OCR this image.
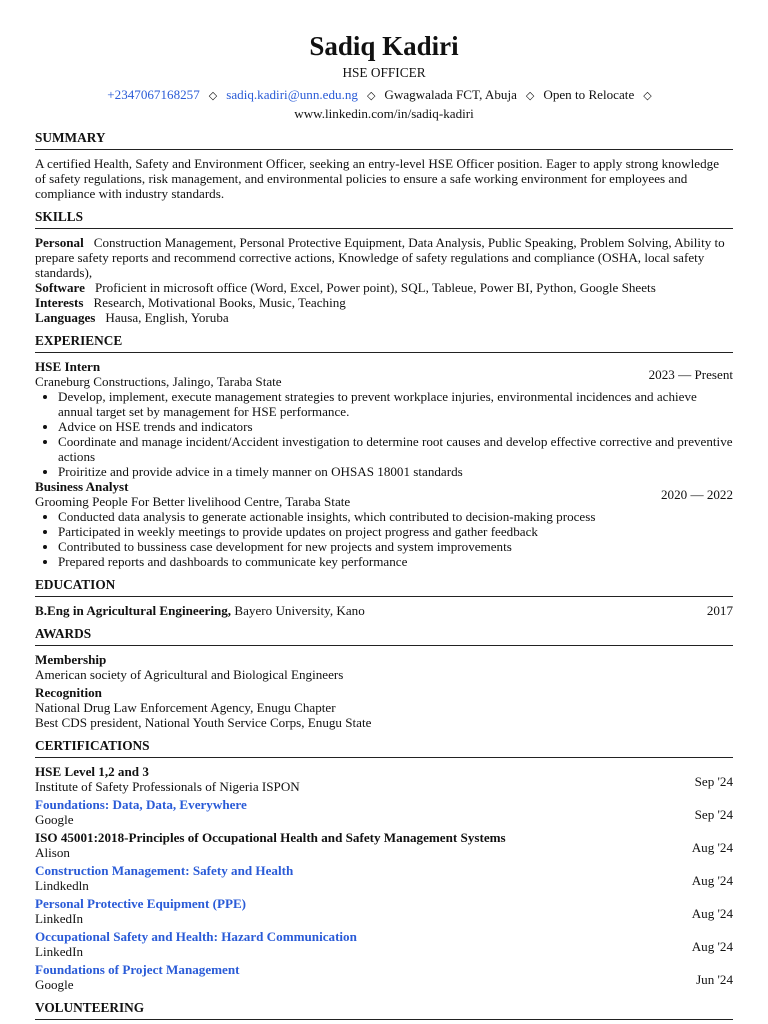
Sadiq Kadiri
HSE OFFICER
+2347067168257 ◇ sadiq.kadiri@unn.edu.ng ◇ Gwagwalada FCT, Abuja ◇ Open to Relocate ◇
www.linkedin.com/in/sadiq-kadiri
SUMMARY

A certified Health, Safety and Environment Officer, seeking an entry-level HSE Officer position. Eager to apply strong knowledge of safety regulations, risk management, and environmental policies to ensure a safe working environment for employees and compliance with industry standards.

SKILLS

Personal Construction Management, Personal Protective Equipment, Data Analysis, Public Speaking, Problem Solving, Ability to prepare safety reports and recommend corrective actions, Knowledge of safety regulations and compliance (OSHA, local safety standards),

Software Proficient in microsoft office (Word, Excel, Power point), SQL, Tableue, Power BI, Python, Google Sheets

Interests Research, Motivational Books, Music, Teaching

Languages Hausa, English, Yoruba

EXPERIENCE
HSE Intern
Craneburg Constructions, Jalingo, Taraba State	2023 — Present
• Develop, implement, execute management strategies to prevent workplace injuries, environmental incidences and achieve annual target set by management for HSE performance.
• Advice on HSE trends and indicators
• Coordinate and manage incident/Accident investigation to determine root causes and develop effective corrective and preventive actions
• Proiritize and provide advice in a timely manner on OHSAS 18001 standards
Business Analyst
Grooming People For Better livelihood Centre, Taraba State	2020 — 2022
• Conducted data analysis to generate actionable insights, which contributed to decision-making process
• Participated in weekly meetings to provide updates on project progress and gather feedback
• Contributed to bussiness case development for new projects and system improvements
• Prepared reports and dashboards to communicate key performance
EDUCATION
B.Eng in Agricultural Engineering, Bayero University, Kano	2017
AWARDS
Membership
American society of Agricultural and Biological Engineers
Recognition
National Drug Law Enforcement Agency, Enugu Chapter
Best CDS president, National Youth Service Corps, Enugu State
CERTIFICATIONS
HSE Level 1,2 and 3
Institute of Safety Professionals of Nigeria ISPON	Sep '24
Foundations: Data, Data, Everywhere
Google	Sep '24
ISO 45001:2018-Principles of Occupational Health and Safety Management Systems
Alison	Aug '24
Construction Management: Safety and Health
Lindkedln	Aug '24
Personal Protective Equipment (PPE)
LinkedIn	Aug '24
Occupational Safety and Health: Hazard Communication
LinkedIn	Aug '24
Foundations of Project Management
Google	Jun '24
VOLUNTEERING
